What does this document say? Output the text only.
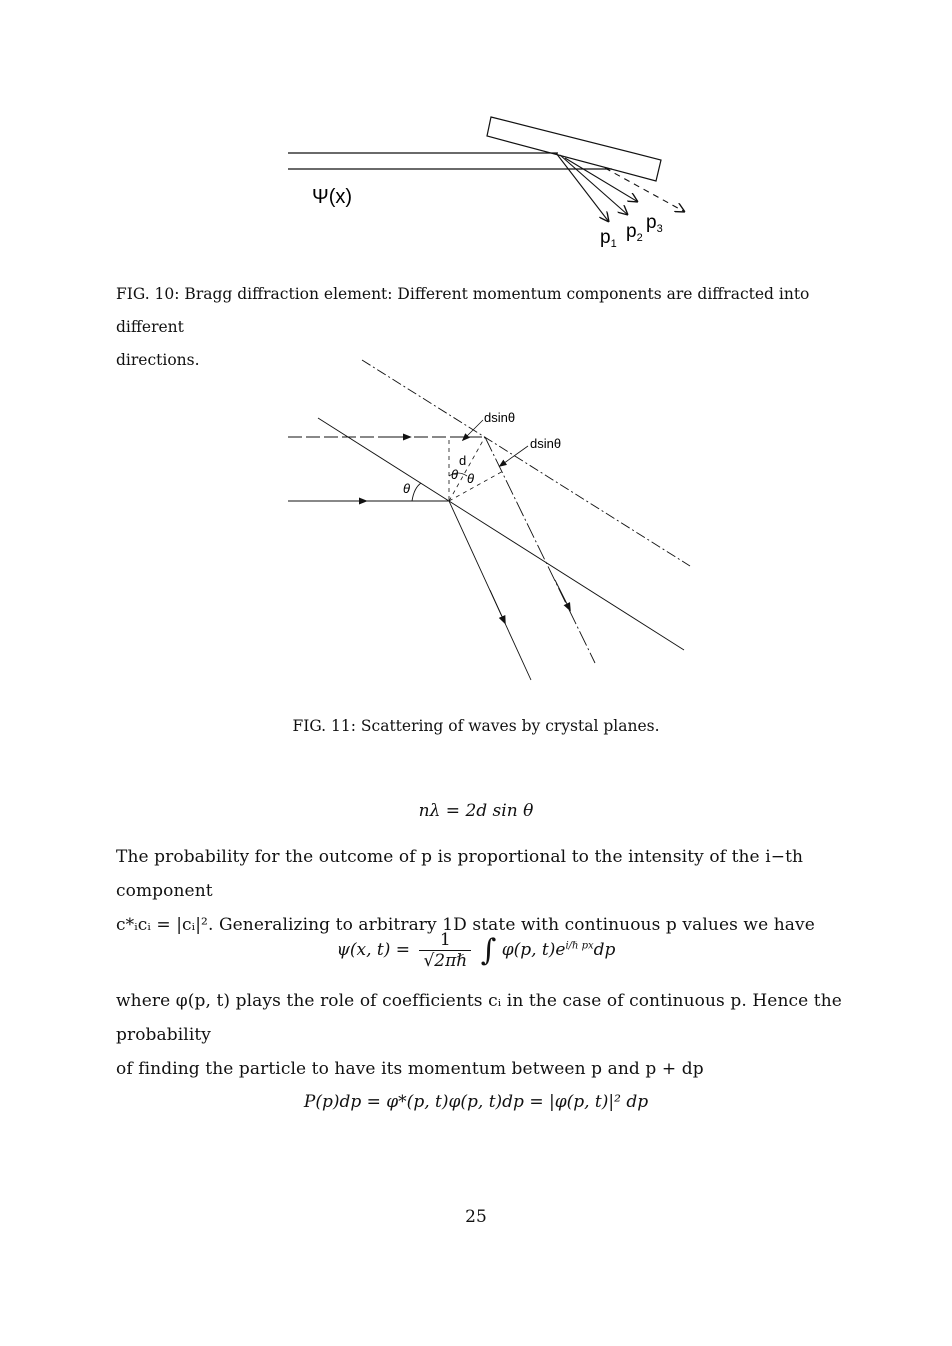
Ψ(x)
$p_1$
$p_2$
$p_3$
FIG. 10: Bragg diffraction element: Different momentum components are diffracted into different
directions.
dsinθ
dsinθ
d
θ θ
θ
FIG. 11: Scattering of waves by crystal planes.
nλ = 2d sin θ
The probability for the outcome of p is proportional to the intensity of the i−th component
c*ᵢcᵢ = |cᵢ|². Generalizing to arbitrary 1D state with continuous p values we have
ψ(x, $t) = \frac{1}{\text{√2πℏ}}$ ∫ φ(p, $t)e^{i/\hbar px}dp$
where φ(p, t) plays the role of coefficients cᵢ in the case of continuous p. Hence the probability
of finding the particle to have its momentum between p and p + dp
P(p)dp = φ*(p, t)φ(p, t)dp = |φ(p, t)|² dp
25
